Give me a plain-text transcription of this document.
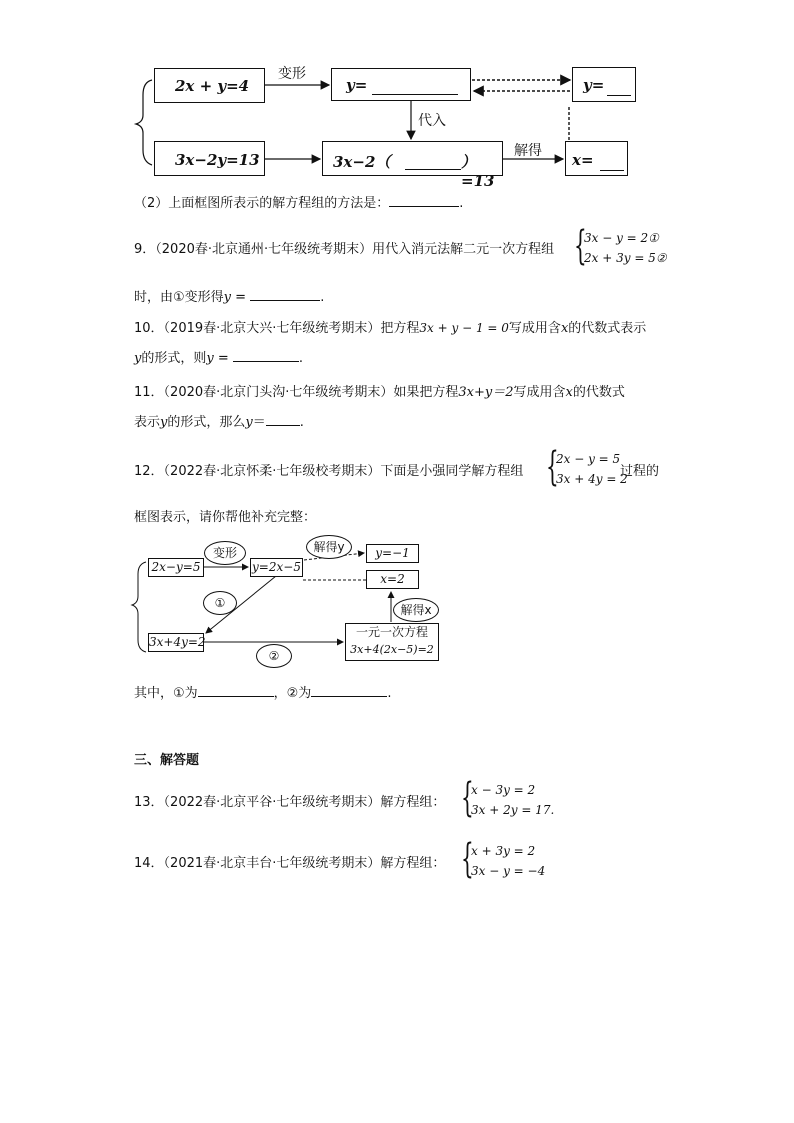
2x + y=4
变形
y=	y=
代入
3x−2y=13	3x−2（	）=13
解得 x=
（2）上面框图所表示的解方程组的方法是：	.
9．（2020春·北京通州·七年级统考期末）用代入消元法解二元一次方程组 {
3x − y = 2①
2x + 3y = 5②
时，由①变形得y =	.
10．（2019春·北京大兴·七年级统考期末）把方程3x + y − 1 = 0写成用含x的代数式表示
y的形式，则y =	.
11．（2020春·北京门头沟·七年级统考期末）如果把方程3x+y＝2写成用含x的代数式
表示y的形式，那么y＝	.
12．（2022春·北京怀柔·七年级校考期末）下面是小强同学解方程组 {
2x − y = 5
3x + 4y = 2
过程的
框图表示，请你帮他补充完整：
2x−y=5
变形
y=2x−5
解得y	y=−1
x=2
①	解得x
3x+4y=2
②
一元一次方程
3x+4(2x−5)=2
其中，①为	，②为	.
三、解答题
13．（2022春·北京平谷·七年级统考期末）解方程组： {
x − 3y = 2
3x + 2y = 17.
14．（2021春·北京丰台·七年级统考期末）解方程组： {
x + 3y = 2
3x − y = −4
